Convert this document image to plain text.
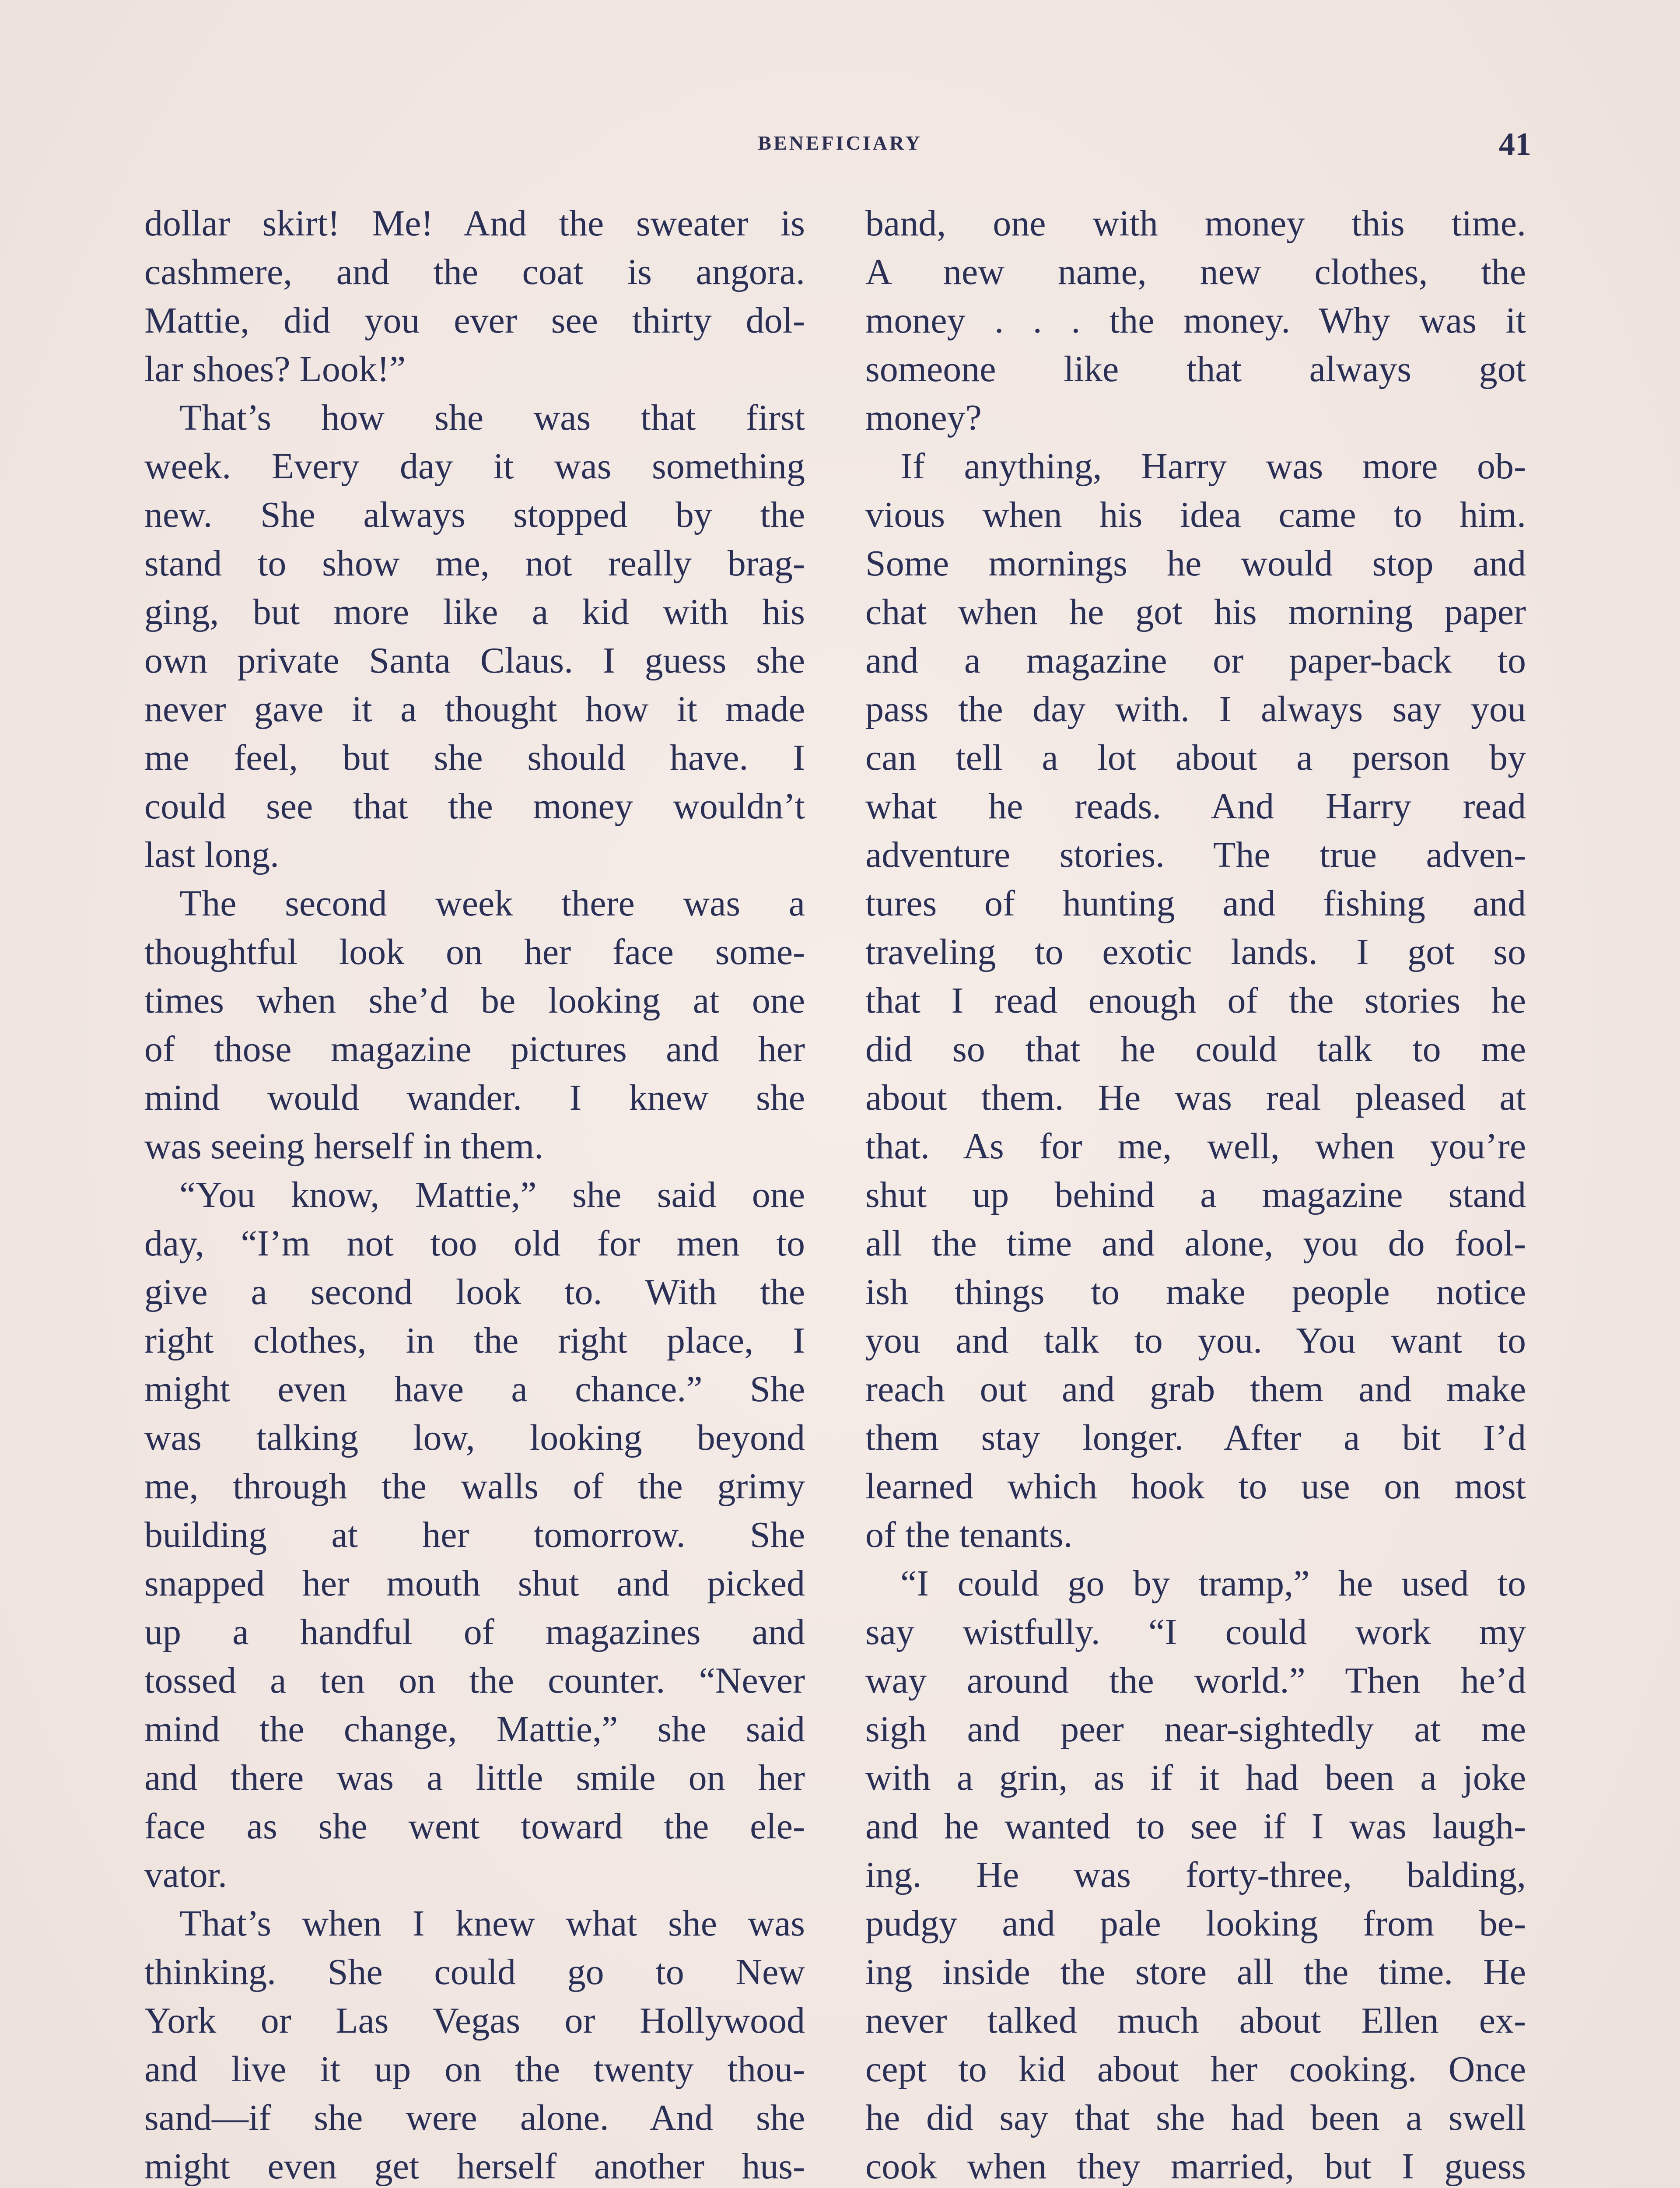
BENEFICIARY	41
dollar skirt! Me! And the sweater is
cashmere, and the coat is angora.
Mattie, did you ever see thirty dol-
lar shoes? Look!”
That’s how she was that first
week. Every day it was something
new. She always stopped by the
stand to show me, not really brag-
ging, but more like a kid with his
own private Santa Claus. I guess she
never gave it a thought how it made
me feel, but she should have. I
could see that the money wouldn’t
last long.
The second week there was a
thoughtful look on her face some-
times when she’d be looking at one
of those magazine pictures and her
mind would wander. I knew she
was seeing herself in them.
“You know, Mattie,” she said one
day, “I’m not too old for men to
give a second look to. With the
right clothes, in the right place, I
might even have a chance.” She
was talking low, looking beyond
me, through the walls of the grimy
building at her tomorrow. She
snapped her mouth shut and picked
up a handful of magazines and
tossed a ten on the counter. “Never
mind the change, Mattie,” she said
and there was a little smile on her
face as she went toward the ele-
vator.
That’s when I knew what she was
thinking. She could go to New
York or Las Vegas or Hollywood
and live it up on the twenty thou-
sand—if she were alone. And she
might even get herself another hus-
band, one with money this time.
A new name, new clothes, the
money . . . the money. Why was it
someone like that always got
money?
If anything, Harry was more ob-
vious when his idea came to him.
Some mornings he would stop and
chat when he got his morning paper
and a magazine or paper-back to
pass the day with. I always say you
can tell a lot about a person by
what he reads. And Harry read
adventure stories. The true adven-
tures of hunting and fishing and
traveling to exotic lands. I got so
that I read enough of the stories he
did so that he could talk to me
about them. He was real pleased at
that. As for me, well, when you’re
shut up behind a magazine stand
all the time and alone, you do fool-
ish things to make people notice
you and talk to you. You want to
reach out and grab them and make
them stay longer. After a bit I’d
learned which hook to use on most
of the tenants.
“I could go by tramp,” he used to
say wistfully. “I could work my
way around the world.” Then he’d
sigh and peer near-sightedly at me
with a grin, as if it had been a joke
and he wanted to see if I was laugh-
ing. He was forty-three, balding,
pudgy and pale looking from be-
ing inside the store all the time. He
never talked much about Ellen ex-
cept to kid about her cooking. Once
he did say that she had been a swell
cook when they married, but I guess
